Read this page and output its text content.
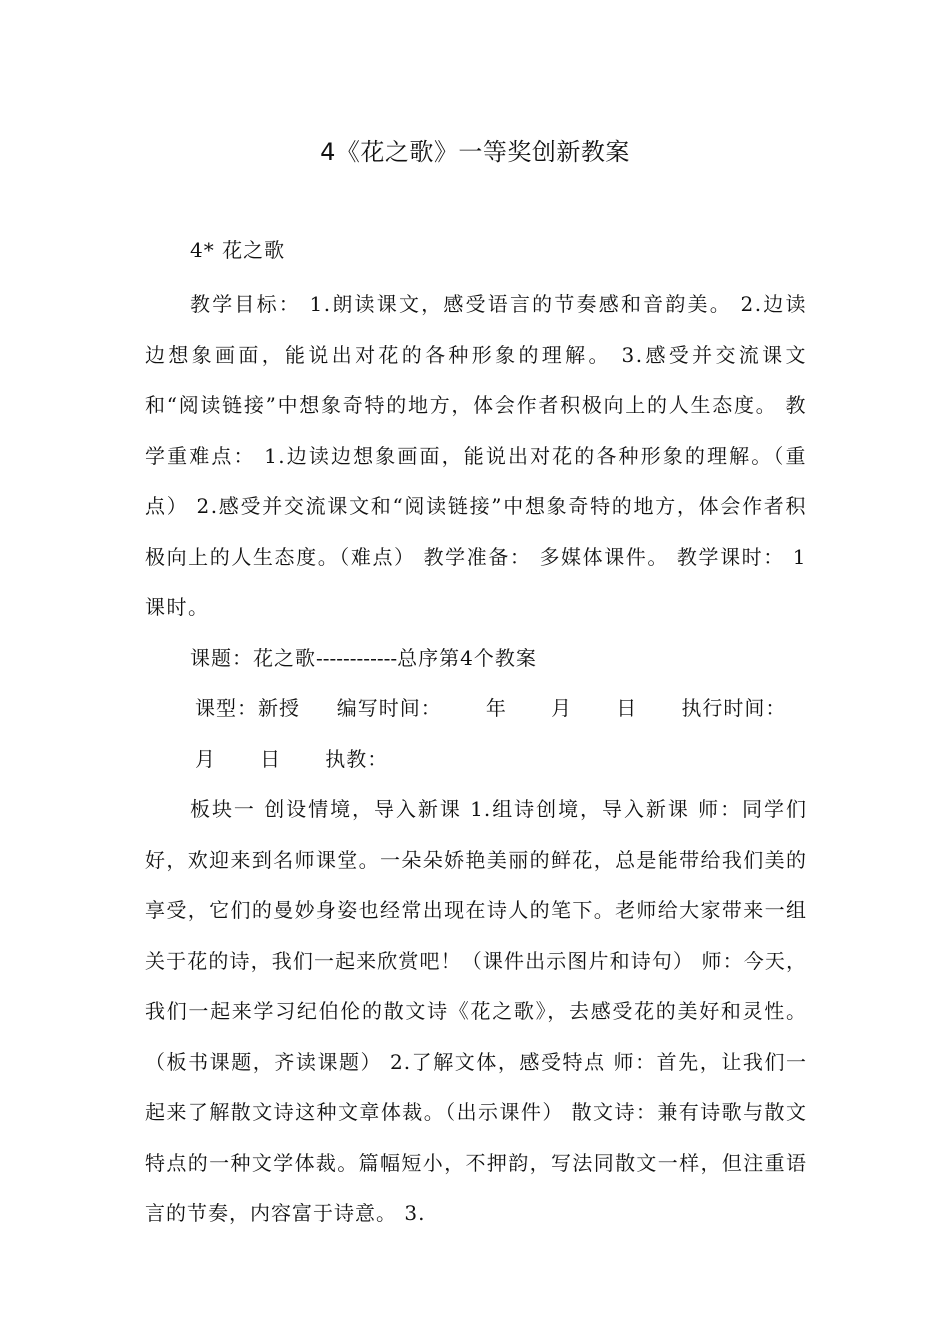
4《花之歌》一等奖创新教案

4* 花之歌

教学目标： 1.朗读课文，感受语言的节奏感和音韵美。 2.边读边想象画面，能说出对花的各种形象的理解。 3.感受并交流课文和“阅读链接”中想象奇特的地方，体会作者积极向上的人生态度。 教学重难点： 1.边读边想象画面，能说出对花的各种形象的理解。（重点） 2.感受并交流课文和“阅读链接”中想象奇特的地方，体会作者积极向上的人生态度。（难点） 教学准备： 多媒体课件。 教学课时： 1课时。

课题：花之歌------------总序第4个教案

课型：新授     编写时间：      年      月      日      执行时间：      月      日      执教：

板块一 创设情境，导入新课 1.组诗创境，导入新课 师：同学们好，欢迎来到名师课堂。一朵朵娇艳美丽的鲜花，总是能带给我们美的享受，它们的曼妙身姿也经常出现在诗人的笔下。老师给大家带来一组关于花的诗，我们一起来欣赏吧！（课件出示图片和诗句） 师：今天，我们一起来学习纪伯伦的散文诗《花之歌》，去感受花的美好和灵性。（板书课题，齐读课题） 2.了解文体，感受特点 师：首先，让我们一起来了解散文诗这种文章体裁。（出示课件） 散文诗：兼有诗歌与散文特点的一种文学体裁。篇幅短小，不押韵，写法同散文一样，但注重语言的节奏，内容富于诗意。 3.
